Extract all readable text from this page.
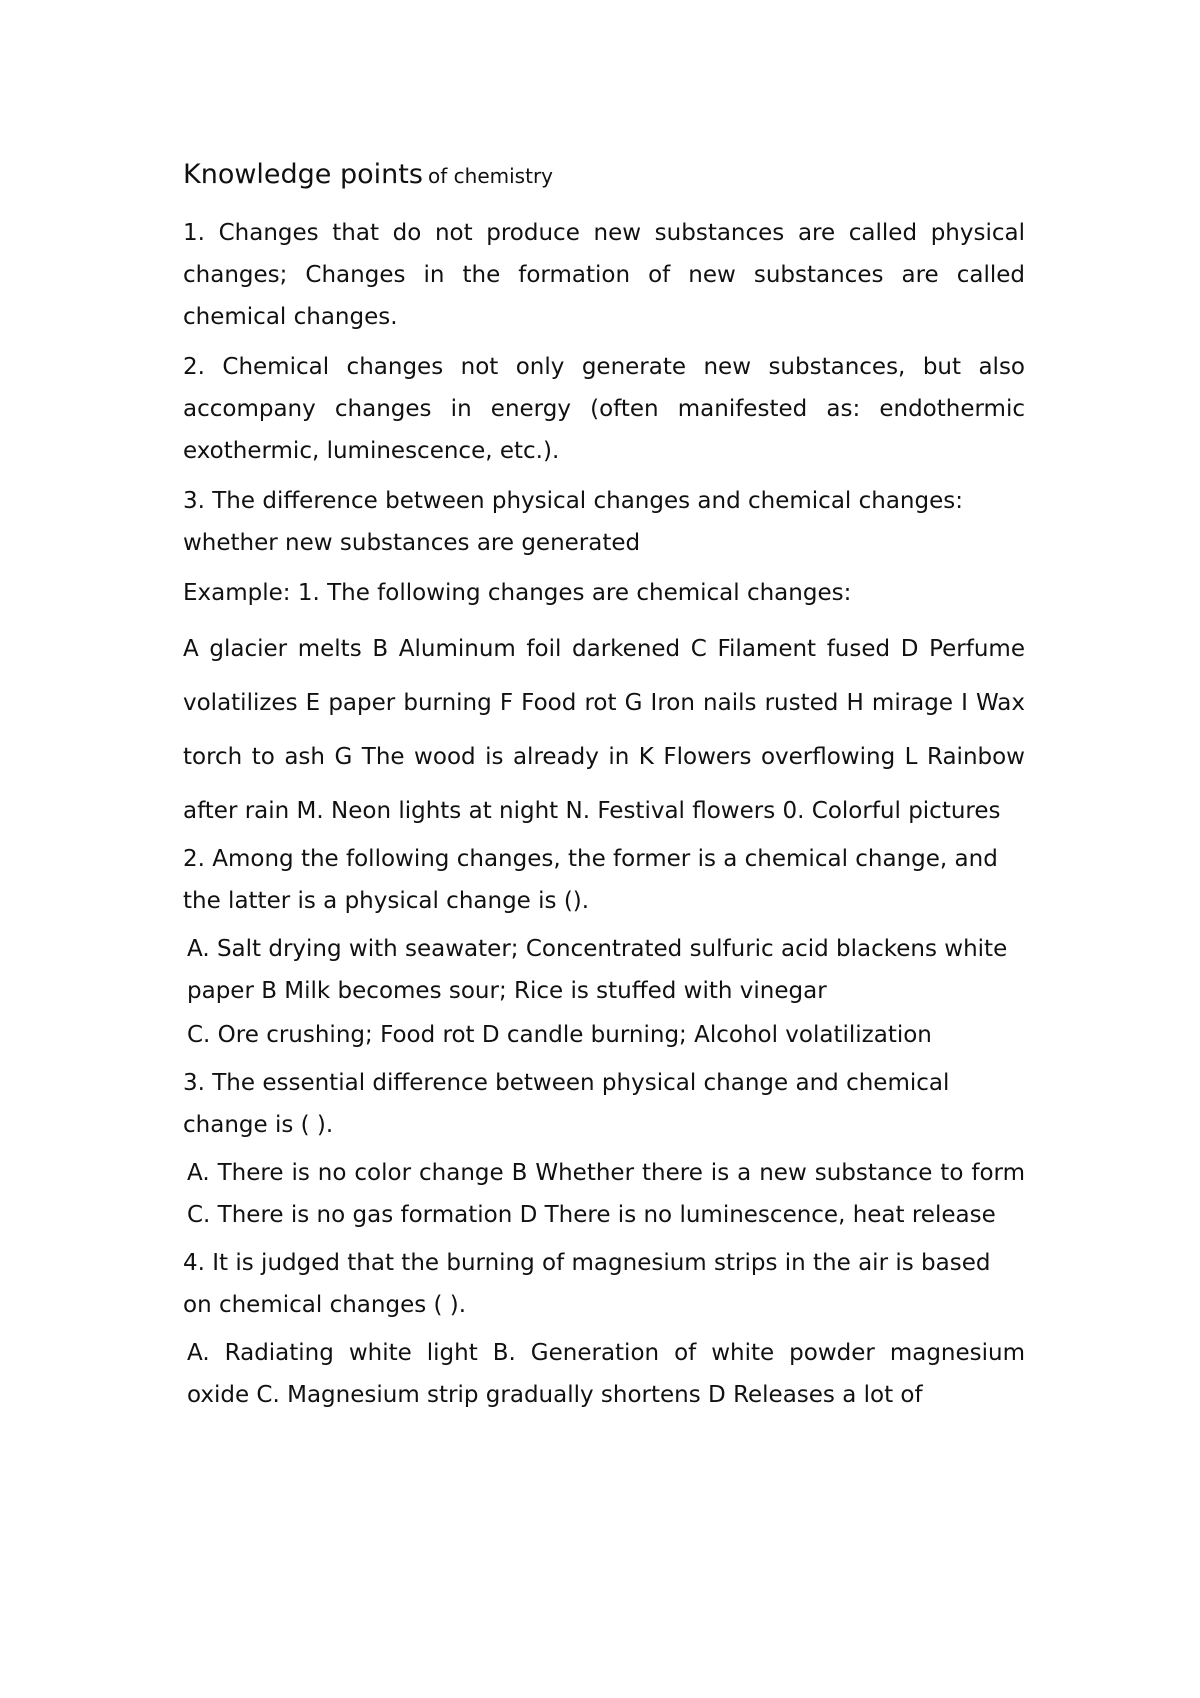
Knowledge points of chemistry

1. Changes that do not produce new substances are called physical changes; Changes in the formation of new substances are called chemical changes.

2. Chemical changes not only generate new substances, but also accompany changes in energy (often manifested as: endothermic exothermic, luminescence, etc.).

3. The difference between physical changes and chemical changes: whether new substances are generated

Example: 1. The following changes are chemical changes:

A glacier melts B Aluminum foil darkened C Filament fused D Perfume volatilizes E paper burning F Food rot G Iron nails rusted H mirage I Wax torch to ash G The wood is already in K Flowers overflowing L Rainbow after rain M. Neon lights at night N. Festival flowers 0. Colorful pictures

2. Among the following changes, the former is a chemical change, and the latter is a physical change is ().

A. Salt drying with seawater; Concentrated sulfuric acid blackens white paper B Milk becomes sour; Rice is stuffed with vinegar

C. Ore crushing; Food rot D candle burning; Alcohol volatilization

3. The essential difference between physical change and chemical change is ( ).

A. There is no color change B Whether there is a new substance to form C. There is no gas formation D There is no luminescence, heat release

4. It is judged that the burning of magnesium strips in the air is based on chemical changes ( ).

A. Radiating white light B. Generation of white powder magnesium oxide C. Magnesium strip gradually shortens D Releases a lot of
